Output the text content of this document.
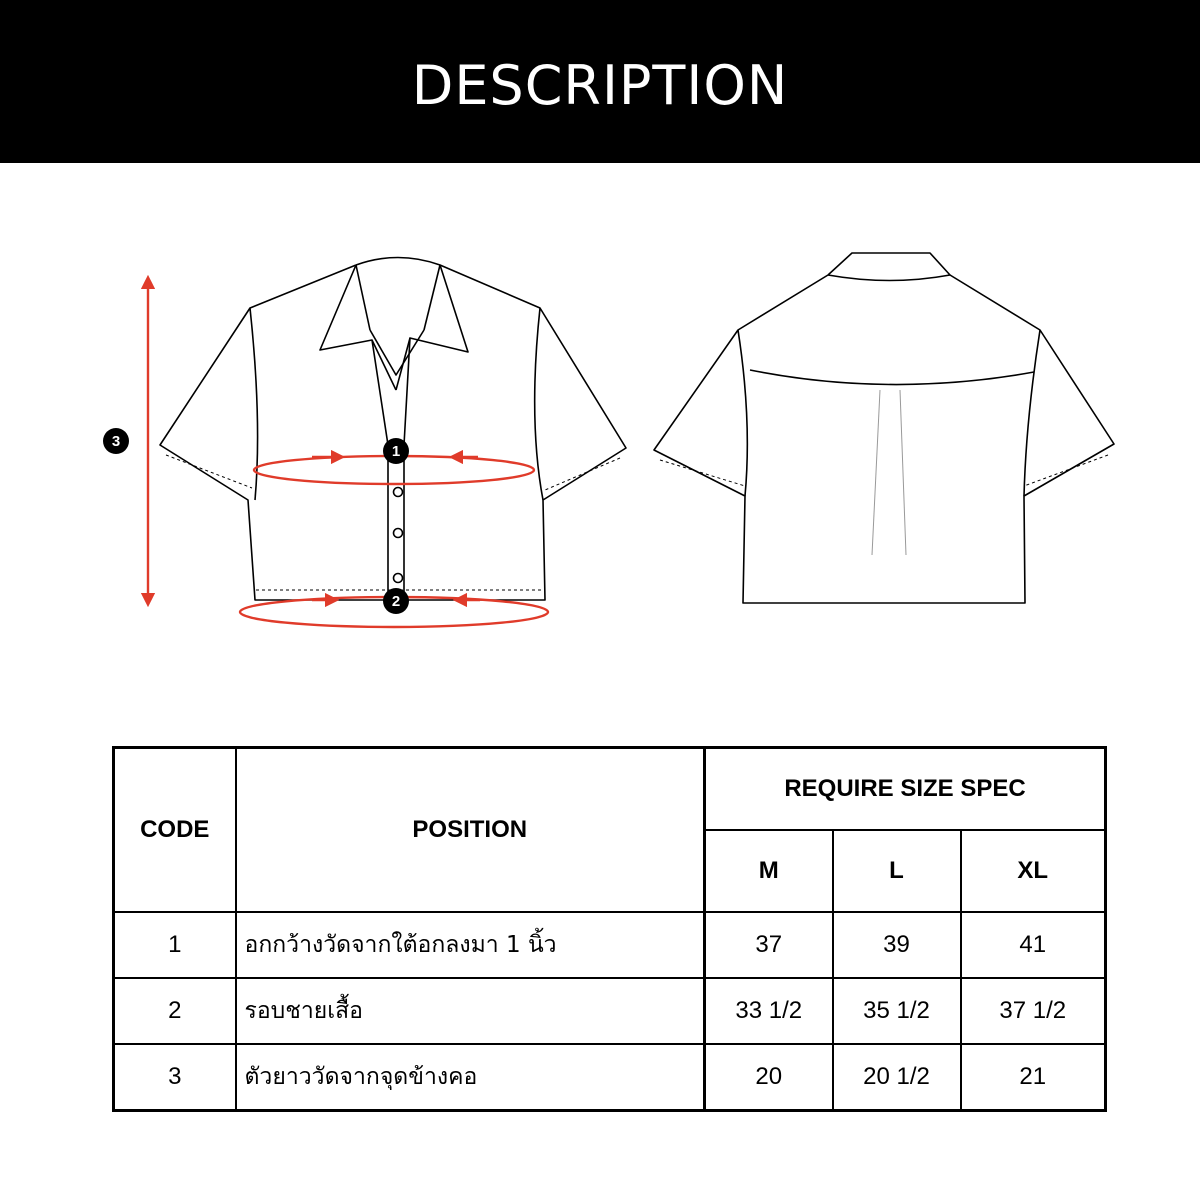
DESCRIPTION
1
2
3
CODE	POSITION	REQUIRE SIZE SPEC		
		M	L	XL
1	อกกว้างวัดจากใต้อกลงมา 1 นิ้ว	37	39	41
2	รอบชายเสื้อ	33 1/2	35 1/2	37 1/2
3	ตัวยาววัดจากจุดข้างคอ	20	20 1/2	21
